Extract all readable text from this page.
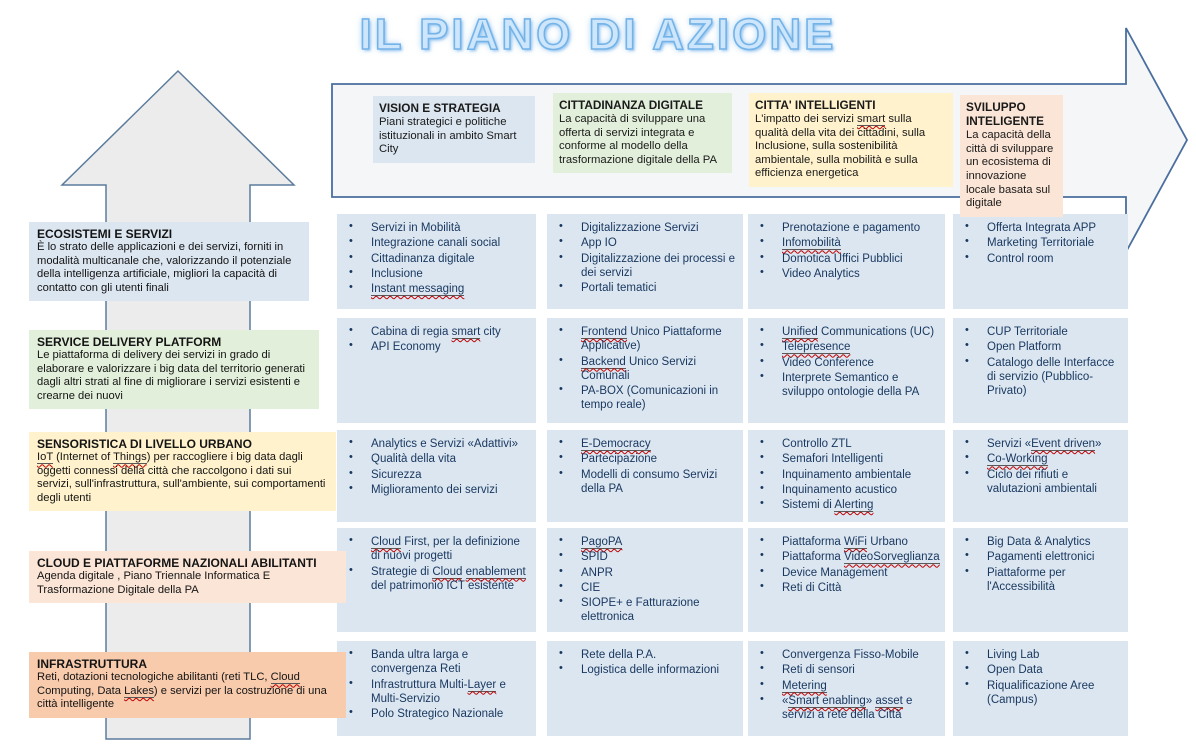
IL PIANO DI AZIONE
VISION E STRATEGIA
Piani strategici e politiche istituzionali in ambito Smart City
CITTADINANZA DIGITALE
La capacità di sviluppare una offerta di servizi integrata e conforme al modello della trasformazione digitale della PA
CITTA' INTELLIGENTI
L'impatto dei servizi smart sulla qualità della vita dei cittadini, sulla Inclusione, sulla sostenibilità ambientale, sulla mobilità e sulla efficienza energetica
SVILUPPO INTELIGENTE
La capacità della città di sviluppare un ecosistema di innovazione locale basata sul digitale
ECOSISTEMI E SERVIZI
È lo strato delle applicazioni e dei servizi, forniti in modalità multicanale che, valorizzando il potenziale della intelligenza artificiale, migliori la capacità di contatto con gli utenti finali
SERVICE DELIVERY PLATFORM
Le piattaforma di delivery dei servizi in grado di elaborare e valorizzare i big data del territorio generati dagli altri strati al fine di migliorare i servizi esistenti e crearne dei nuovi
SENSORISTICA DI LIVELLO URBANO
IoT (Internet of Things) per raccogliere i big data dagli oggetti connessi della città che raccolgono i dati sui servizi, sull'infrastruttura, sull'ambiente, sui comportamenti degli utenti
CLOUD E PIATTAFORME NAZIONALI ABILITANTI
Agenda digitale , Piano Triennale Informatica E Trasformazione Digitale della PA
INFRASTRUTTURA
Reti, dotazioni tecnologiche abilitanti (reti TLC, Cloud Computing, Data Lakes) e servizi per la costruzione di una città intelligente
• Servizi in Mobilità
• Integrazione canali social
• Cittadinanza digitale
• Inclusione
• Instant messaging
• Digitalizzazione Servizi
• App IO
• Digitalizzazione dei processi e dei servizi
• Portali tematici
• Prenotazione e pagamento
• Infomobilità
• Domotica Uffici Pubblici
• Video Analytics
• Offerta Integrata APP
• Marketing Territoriale
• Control room
• Cabina di regia smart city
• API Economy
• Frontend Unico Piattaforme Applicative)
• Backend Unico Servizi Comunali
• PA-BOX (Comunicazioni in tempo reale)
• Unified Communications (UC)
• Telepresence
• Video Conference
• Interprete Semantico e sviluppo ontologie della PA
• CUP Territoriale
• Open Platform
• Catalogo delle Interfacce di servizio (Pubblico-Privato)
• Analytics e Servizi «Adattivi»
• Qualità della vita
• Sicurezza
• Miglioramento dei servizi
• E-Democracy
• Partecipazione
• Modelli di consumo Servizi della PA
• Controllo ZTL
• Semafori Intelligenti
• Inquinamento ambientale
• Inquinamento acustico
• Sistemi di Alerting
• Servizi «Event driven»
• Co-Working
• Ciclo dei rifiuti e valutazioni ambientali
• Cloud First, per la definizione di nuovi progetti
• Strategie di Cloud enablement del patrimonio ICT esistente
• PagoPA
• SPID
• ANPR
• CIE
• SIOPE+ e Fatturazione elettronica
• Piattaforma WiFi Urbano
• Piattaforma VideoSorveglianza
• Device Management
• Reti di Città
• Big Data & Analytics
• Pagamenti elettronici
• Piattaforme per l'Accessibilità
• Banda ultra larga e convergenza Reti
• Infrastruttura Multi-Layer e Multi-Servizio
• Polo Strategico Nazionale
• Rete della P.A.
• Logistica delle informazioni
• Convergenza Fisso-Mobile
• Reti di sensori
• Metering
• «Smart enabling» asset e servizi a rete della Città
• Living Lab
• Open Data
• Riqualificazione Aree (Campus)
